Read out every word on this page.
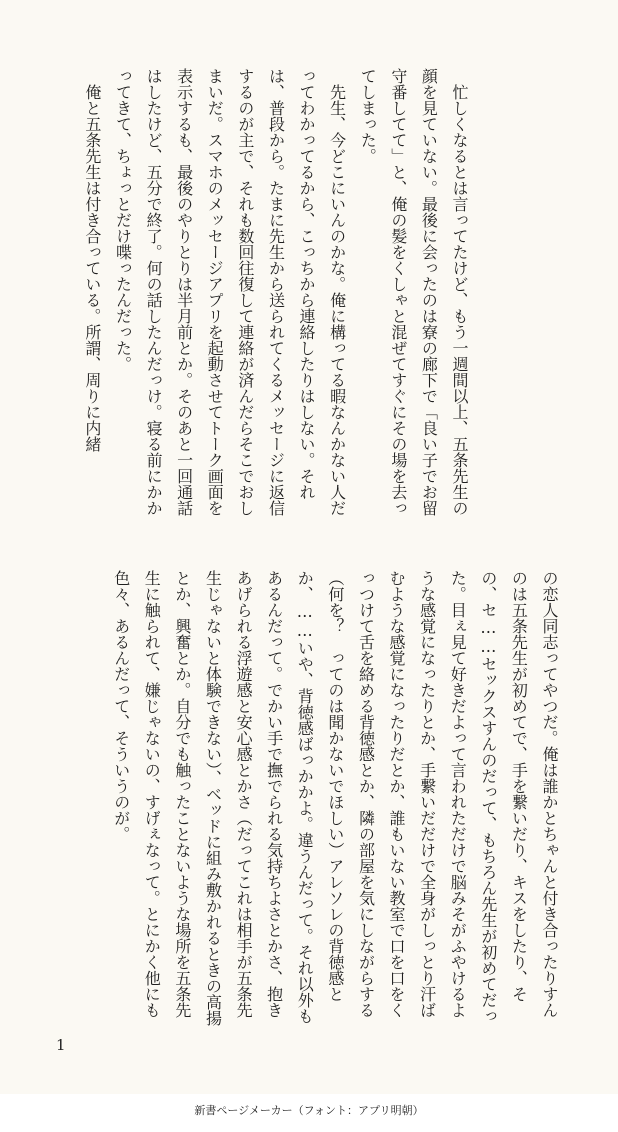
忙しくなるとは言ってたけど、もう一週間以上、五条先生の顔を見ていない。最後に会ったのは寮の廊下で「良い子でお留守番してて」と、俺の髪をくしゃと混ぜてすぐにその場を去ってしまった。

先生、今どこにいんのかな。俺に構ってる暇なんかない人だってわかってるから、こっちから連絡したりはしない。それは、普段から。たまに先生から送られてくるメッセージに返信するのが主で、それも数回往復して連絡が済んだらそこでおしまいだ。スマホのメッセージアプリを起動させてトーク画面を表示するも、最後のやりとりは半月前とか。そのあと一回通話はしたけど、五分で終了。何の話したんだっけ。寝る前にかかってきて、ちょっとだけ喋ったんだった。

俺と五条先生は付き合っている。所謂、周りに内緒

の恋人同志ってやつだ。俺は誰かとちゃんと付き合ったりすんのは五条先生が初めてで、手を繋いだり、キスをしたり、その、セ……セックスすんのだって、もちろん先生が初めてだった。目ぇ見て好きだよって言われただけで脳みそがふやけるような感覚になったりとか、手繋いだだけで全身がしっとり汗ばむような感覚になったりだとか、誰もいない教室で口を口をくっつけて舌を絡める背徳感とか、隣の部屋を気にしながらする（何を？　ってのは聞かないでほしい）アレソレの背徳感とか、……いや、背徳感ばっかかよ。違うんだって。それ以外もあるんだって。でかい手で撫でられる気持ちよさとかさ、抱きあげられる浮遊感と安心感とかさ（だってこれは相手が五条先生じゃないと体験できない）、ベッドに組み敷かれるときの高揚とか、興奮とか。自分でも触ったことないような場所を五条先生に触られて、嫌じゃないの、すげぇなって。とにかく他にも色々、あるんだって、そういうのが。

1
新書ページメーカー（フォント：アプリ明朝）
